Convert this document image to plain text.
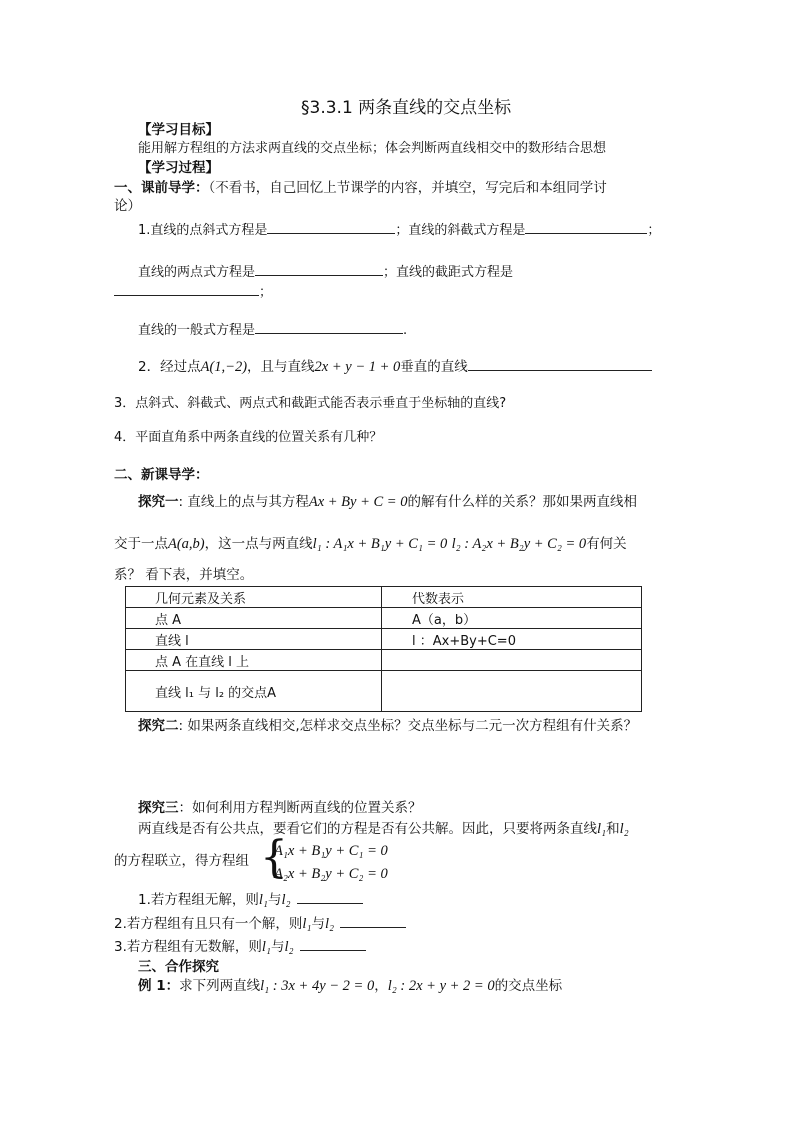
§3.3.1 两条直线的交点坐标
【学习目标】
能用解方程组的方法求两直线的交点坐标；体会判断两直线相交中的数形结合思想
【学习过程】
一、课前导学：（不看书，自己回忆上节课学的内容，并填空，写完后和本组同学讨
论）
1.直线的点斜式方程是	；直线的斜截式方程是	；
直线的两点式方程是	；直线的截距式方程是
；
直线的一般式方程是	.
2．经过点A(1,−2)，且与直线2x + y − 1 + 0垂直的直线
3．点斜式、斜截式、两点式和截距式能否表示垂直于坐标轴的直线?
4．平面直角系中两条直线的位置关系有几种？
二、新课导学：
探究一: 直线上的点与其方程Ax + By + C = 0的解有什么样的关系？那如果两直线相
交于一点A(a,b)，这一点与两直线l₁ : A₁x + B₁y + C₁ = 0 l₂ : A₂x + B₂y + C₂ = 0有何关
系？ 看下表，并填空。
几何元素及关系	代数表示
点 A	A（a，b）
直线 l	l ：Ax+By+C=0
点 A 在直线 l 上	
直线 l₁ 与 l₂ 的交点A	
探究二: 如果两条直线相交,怎样求交点坐标？交点坐标与二元一次方程组有什关系？
探究三：如何利用方程判断两直线的位置关系？
两直线是否有公共点，要看它们的方程是否有公共解。因此，只要将两条直线l₁和l₂
的方程联立，得方程组 {
A₁x + B₁y + C₁ = 0
A₂x + B₂y + C₂ = 0
1.若方程组无解，则l₁与l₂
2.若方程组有且只有一个解，则l₁与l₂
3.若方程组有无数解，则l₁与l₂
三、合作探究
例 1：求下列两直线l₁ : 3x + 4y − 2 = 0，l₂ : 2x + y + 2 = 0的交点坐标
